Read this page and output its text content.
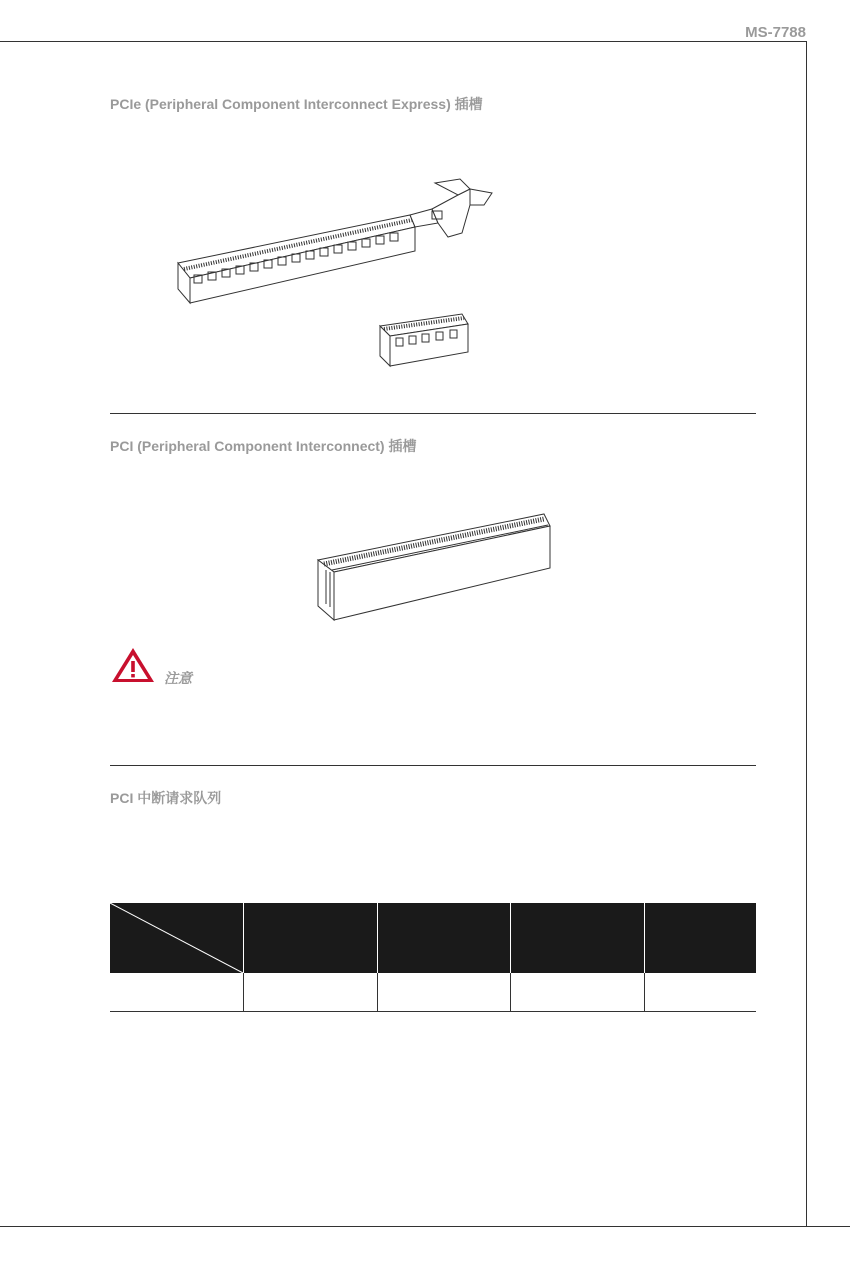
MS-7788
PCIe (Peripheral Component Interconnect Express) 插槽
PCI (Peripheral Component Interconnect) 插槽
注意
PCI 中断请求队列
